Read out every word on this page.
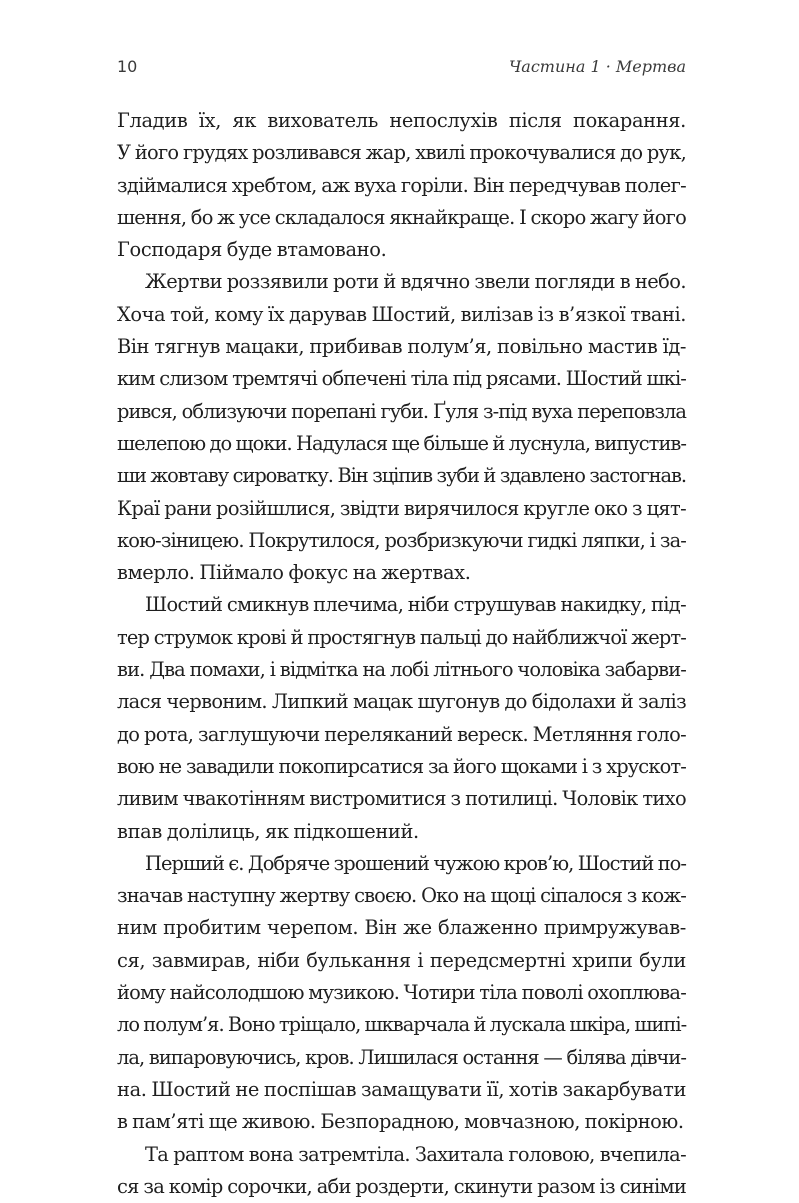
10	Частина 1 · Мертва
Гладив їх, як вихователь непослухів після покарання.
У його грудях розливався жар, хвилі прокочувалися до рук,
здіймалися хребтом, аж вуха горіли. Він передчував полег-
шення, бо ж усе складалося якнайкраще. І скоро жагу його
Господаря буде втамовано.
Жертви роззявили роти й вдячно звели погляди в небо.
Хоча той, кому їх дарував Шостий, вилізав із в’язкої твані.
Він тягнув мацаки, прибивав полум’я, повільно мастив їд-
ким слизом тремтячі обпечені тіла під рясами. Шостий шкі-
рився, облизуючи порепані губи. Ґуля з-під вуха переповзла
шелепою до щоки. Надулася ще більше й луснула, випустив-
ши жовтаву сироватку. Він зціпив зуби й здавлено застогнав.
Краї рани розійшлися, звідти вирячилося кругле око з цят-
кою-зіницею. Покрутилося, розбризкуючи гидкі ляпки, і за-
вмерло. Піймало фокус на жертвах.
Шостий смикнув плечима, ніби струшував накидку, під-
тер струмок крові й простягнув пальці до найближчої жерт-
ви. Два помахи, і відмітка на лобі літнього чоловіка забарви-
лася червоним. Липкий мацак шугонув до бідолахи й заліз
до рота, заглушуючи переляканий вереск. Метляння голо-
вою не завадили покопирсатися за його щоками і з хрускот-
ливим чвакотінням вистромитися з потилиці. Чоловік тихо
впав долілиць, як підкошений.
Перший є. Добряче зрошений чужою кров’ю, Шостий по-
значав наступну жертву своєю. Око на щоці сіпалося з кож-
ним пробитим черепом. Він же блаженно примружував-
ся, завмирав, ніби булькання і передсмертні хрипи були
йому найсолодшою музикою. Чотири тіла поволі охоплюва-
ло полум’я. Воно тріщало, шкварчала й лускала шкіра, шипі-
ла, випаровуючись, кров. Лишилася остання — білява дівчи-
на. Шостий не поспішав замащувати її, хотів закарбувати
в пам’яті ще живою. Безпорадною, мовчазною, покірною.
Та раптом вона затремтіла. Захитала головою, вчепила-
ся за комір сорочки, аби роздерти, скинути разом із синіми
